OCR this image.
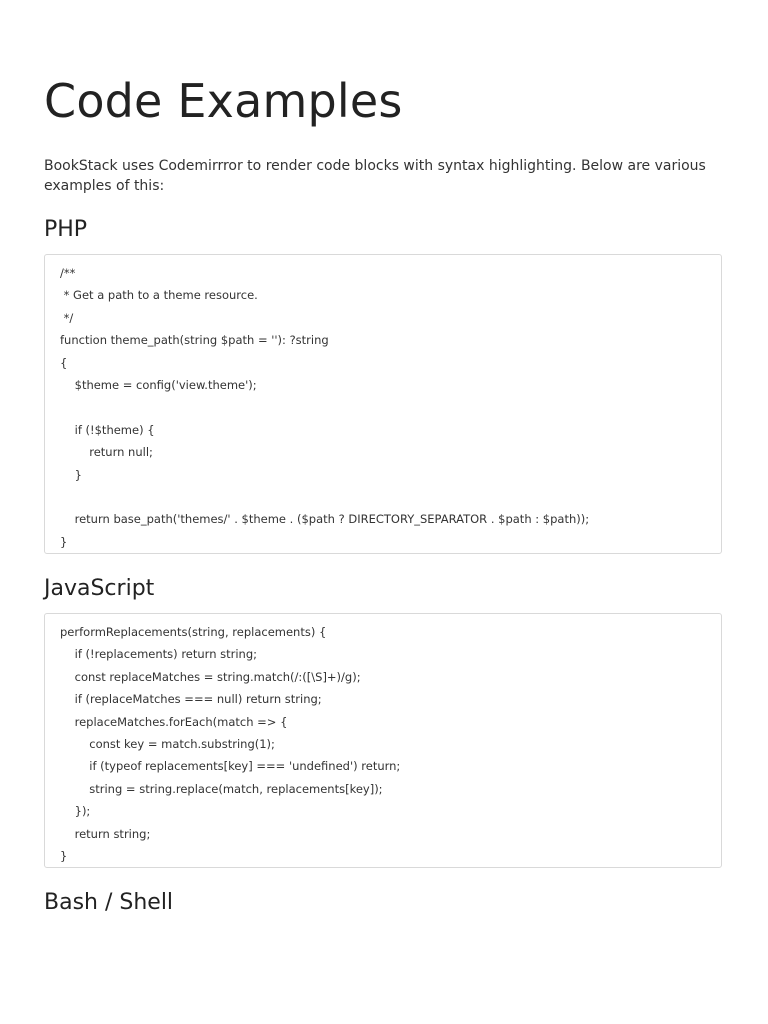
Code Examples

BookStack uses Codemirrror to render code blocks with syntax highlighting. Below are various examples of this:

PHP
/**
* Get a path to a theme resource.
*/
function theme_path(string $path = ''): ?string
{
$theme = config('view.theme');
if (!$theme) {
return null;
}
return base_path('themes/' . $theme . ($path ? DIRECTORY_SEPARATOR . $path : $path));
}
JavaScript
performReplacements(string, replacements) {
if (!replacements) return string;
const replaceMatches = string.match(/:([\S]+)/g);
if (replaceMatches === null) return string;
replaceMatches.forEach(match => {
const key = match.substring(1);
if (typeof replacements[key] === 'undefined') return;
string = string.replace(match, replacements[key]);
});
return string;
}
Bash / Shell
